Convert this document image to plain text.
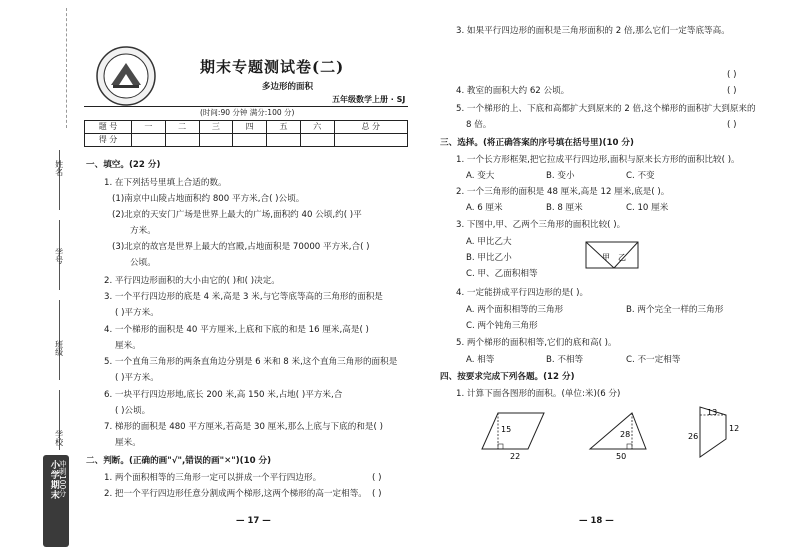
姓名
学号
班级
学校
小学期末 冲刺100分
期末专题测试卷(二)
多边形的面积
五年级数学上册 · SJ
(时间:90 分钟 满分:100 分)
题 号	一	二	三	四	五	六	总 分
得 分							
一、填空。(22 分)
1. 在下列括号里填上合适的数。
(1)南京中山陵占地面积约 800 平方米,合( )公顷。
(2)北京的天安门广场是世界上最大的广场,面积约 40 公顷,约( )平
方米。
(3)北京的故宫是世界上最大的宫殿,占地面积是 70000 平方米,合( )
公顷。
2. 平行四边形面积的大小由它的( )和( )决定。
3. 一个平行四边形的底是 4 米,高是 3 米,与它等底等高的三角形的面积是
( )平方米。
4. 一个梯形的面积是 40 平方厘米,上底和下底的和是 16 厘米,高是( )
厘米。
5. 一个直角三角形的两条直角边分别是 6 米和 8 米,这个直角三角形的面积是
( )平方米。
6. 一块平行四边形地,底长 200 米,高 150 米,占地( )平方米,合
( )公顷。
7. 梯形的面积是 480 平方厘米,若高是 30 厘米,那么上底与下底的和是( )
厘米。
二、判断。(正确的画"√",错误的画"✕")(10 分)
1. 两个面积相等的三角形一定可以拼成一个平行四边形。	( )
2. 把一个平行四边形任意分割成两个梯形,这两个梯形的高一定相等。 ( )
— 17 —
3. 如果平行四边形的面积是三角形面积的 2 倍,那么它们一定等底等高。
( )
4. 教室的面积大约 62 公顷。	( )
5. 一个梯形的上、下底和高都扩大到原来的 2 倍,这个梯形的面积扩大到原来的
8 倍。	( )
三、选择。(将正确答案的序号填在括号里)(10 分)
1. 一个长方形框架,把它拉成平行四边形,面积与原来长方形的面积比较( )。
A. 变大	B. 变小	C. 不变
2. 一个三角形的面积是 48 厘米,高是 12 厘米,底是( )。
A. 6 厘米	B. 8 厘米	C. 10 厘米
3. 下图中,甲、乙两个三角形的面积比较( )。
A. 甲比乙大
B. 甲比乙小
C. 甲、乙面积相等
甲 乙
4. 一定能拼成平行四边形的是( )。
A. 两个面积相等的三角形	B. 两个完全一样的三角形
C. 两个钝角三角形
5. 两个梯形的面积相等,它们的底和高( )。
A. 相等	B. 不相等	C. 不一定相等
四、按要求完成下列各题。(12 分)
1. 计算下面各图形的面积。(单位:米)(6 分)
15
22
28
50
13
26
12
— 18 —
